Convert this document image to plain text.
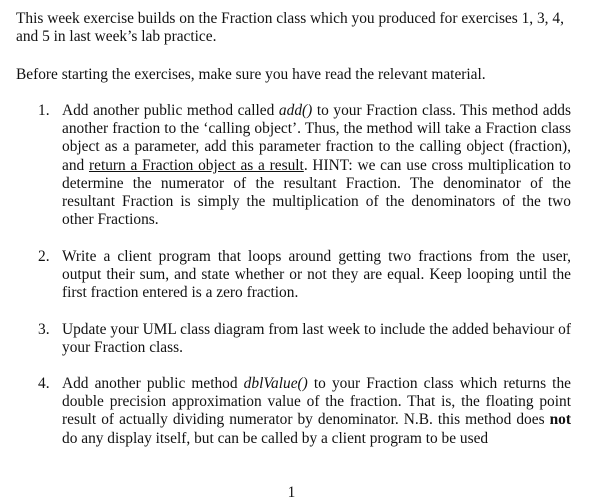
This week exercise builds on the Fraction class which you produced for exercises 1, 3, 4, and 5 in last week’s lab practice.

Before starting the exercises, make sure you have read the relevant material.

1. Add another public method called add() to your Fraction class. This method adds another fraction to the ‘calling object’. Thus, the method will take a Fraction class object as a parameter, add this parameter fraction to the calling object (fraction), and return a Fraction object as a result. HINT: we can use cross multiplication to determine the numerator of the resultant Fraction. The denominator of the resultant Fraction is simply the multiplication of the denominators of the two other Fractions.
2. Write a client program that loops around getting two fractions from the user, output their sum, and state whether or not they are equal. Keep looping until the first fraction entered is a zero fraction.
3. Update your UML class diagram from last week to include the added behaviour of your Fraction class.
4. Add another public method dblValue() to your Fraction class which returns the double precision approximation value of the fraction. That is, the floating point result of actually dividing numerator by denominator. N.B. this method does not do any display itself, but can be called by a client program to be used
1
